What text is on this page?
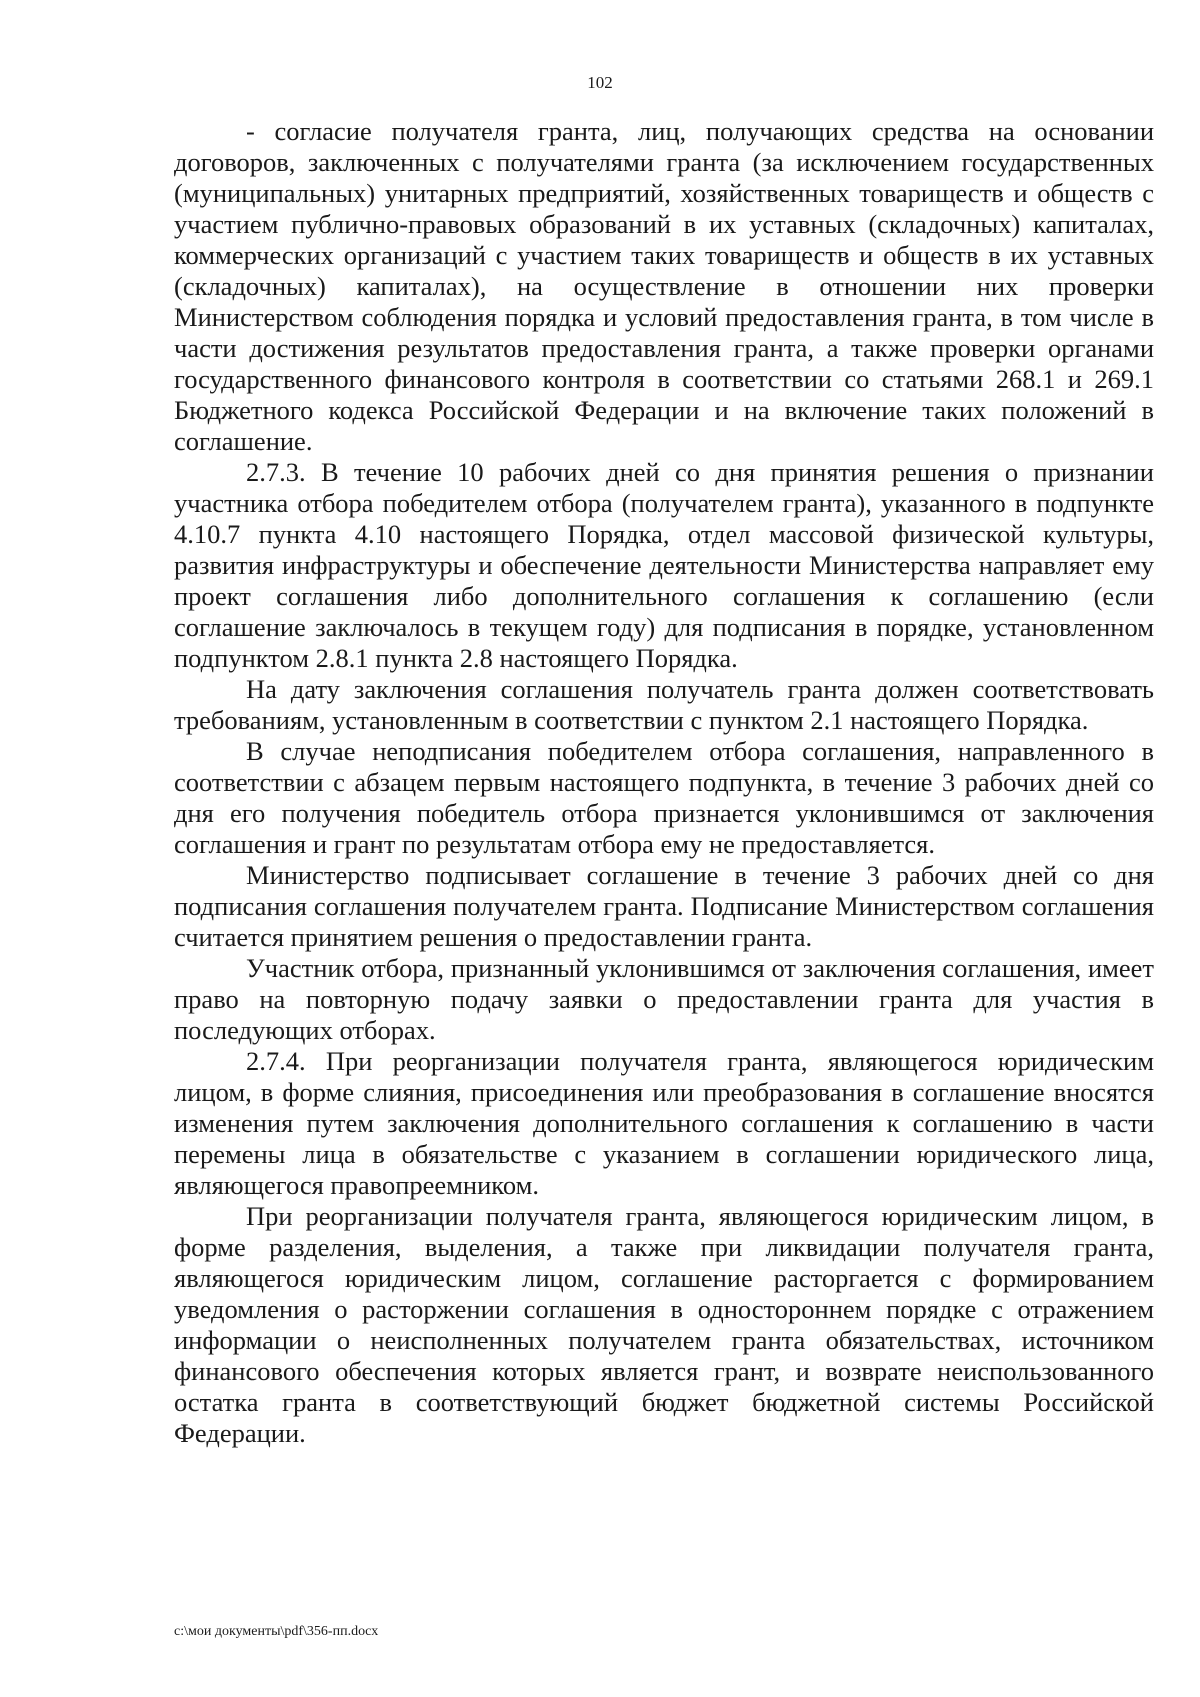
102

- согласие получателя гранта, лиц, получающих средства на основании договоров, заключенных с получателями гранта (за исключением государственных (муниципальных) унитарных предприятий, хозяйственных товариществ и обществ с участием публично-правовых образований в их уставных (складочных) капиталах, коммерческих организаций с участием таких товариществ и обществ в их уставных (складочных) капиталах), на осуществление в отношении них проверки Министерством соблюдения порядка и условий предоставления гранта, в том числе в части достижения результатов предоставления гранта, а также проверки органами государственного финансового контроля в соответствии со статьями 268.1 и 269.1 Бюджетного кодекса Российской Федерации и на включение таких положений в соглашение.

2.7.3. В течение 10 рабочих дней со дня принятия решения о признании участника отбора победителем отбора (получателем гранта), указанного в подпункте 4.10.7 пункта 4.10 настоящего Порядка, отдел массовой физической культуры, развития инфраструктуры и обеспечение деятельности Министерства направляет ему проект соглашения либо дополнительного соглашения к соглашению (если соглашение заключалось в текущем году) для подписания в порядке, установленном подпунктом 2.8.1 пункта 2.8 настоящего Порядка.

На дату заключения соглашения получатель гранта должен соответствовать требованиям, установленным в соответствии с пунктом 2.1 настоящего Порядка.

В случае неподписания победителем отбора соглашения, направленного в соответствии с абзацем первым настоящего подпункта, в течение 3 рабочих дней со дня его получения победитель отбора признается уклонившимся от заключения соглашения и грант по результатам отбора ему не предоставляется.

Министерство подписывает соглашение в течение 3 рабочих дней со дня подписания соглашения получателем гранта. Подписание Министерством соглашения считается принятием решения о предоставлении гранта.

Участник отбора, признанный уклонившимся от заключения соглашения, имеет право на повторную подачу заявки о предоставлении гранта для участия в последующих отборах.

2.7.4. При реорганизации получателя гранта, являющегося юридическим лицом, в форме слияния, присоединения или преобразования в соглашение вносятся изменения путем заключения дополнительного соглашения к соглашению в части перемены лица в обязательстве с указанием в соглашении юридического лица, являющегося правопреемником.

При реорганизации получателя гранта, являющегося юридическим лицом, в форме разделения, выделения, а также при ликвидации получателя гранта, являющегося юридическим лицом, соглашение расторгается с формированием уведомления о расторжении соглашения в одностороннем порядке с отражением информации о неисполненных получателем гранта обязательствах, источником финансового обеспечения которых является грант, и возврате неиспользованного остатка гранта в соответствующий бюджет бюджетной системы Российской Федерации.

c:\мои документы\pdf\356-пп.docx
